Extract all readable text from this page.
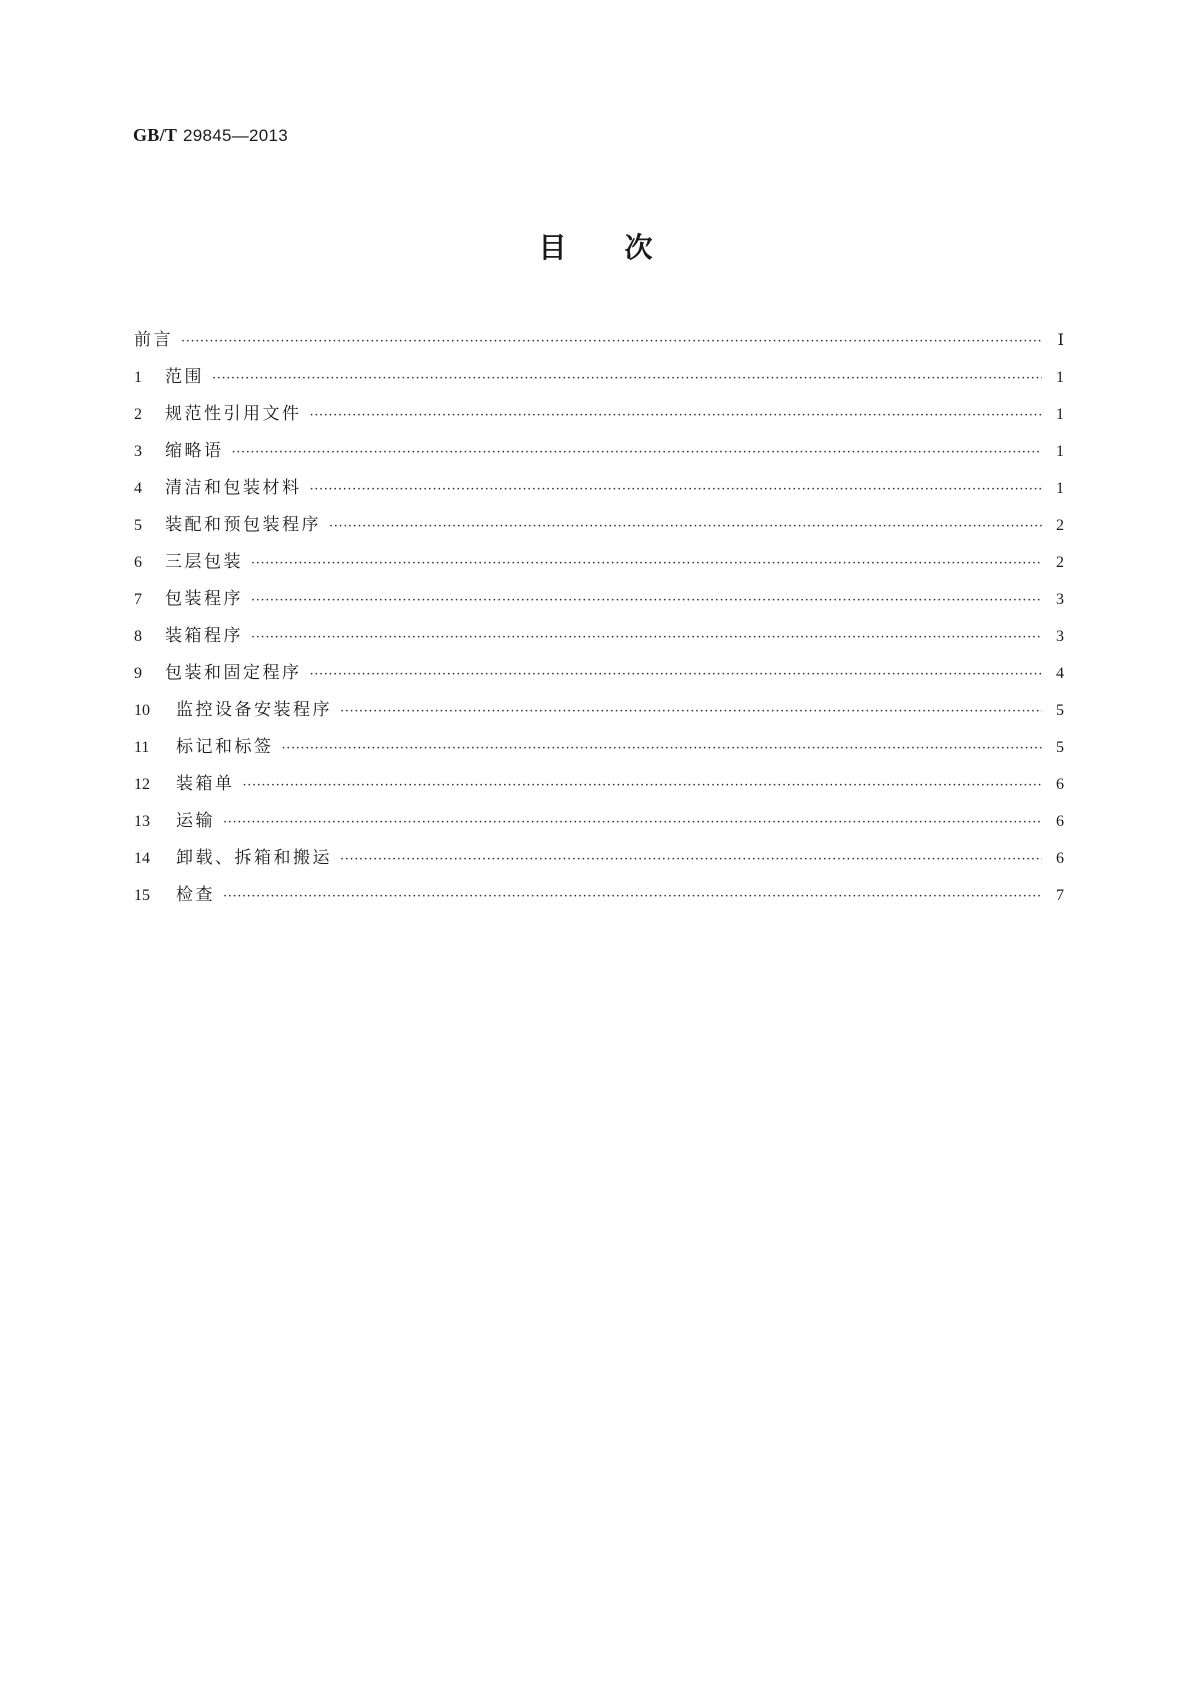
GB/T 29845—2013
目次
前言 ·····	Ⅰ
1	范围 ·····	1
2	规范性引用文件 ·····	1
3	缩略语 ·····	1
4	清洁和包装材料 ·····	1
5	装配和预包装程序 ·····	2
6	三层包装 ·····	2
7	包装程序 ·····	3
8	装箱程序 ·····	3
9	包装和固定程序 ·····	4
10	监控设备安装程序 ·····	5
11	标记和标签 ·····	5
12	装箱单 ·····	6
13	运输 ·····	6
14	卸载、拆箱和搬运 ·····	6
15	检查 ·····	7
